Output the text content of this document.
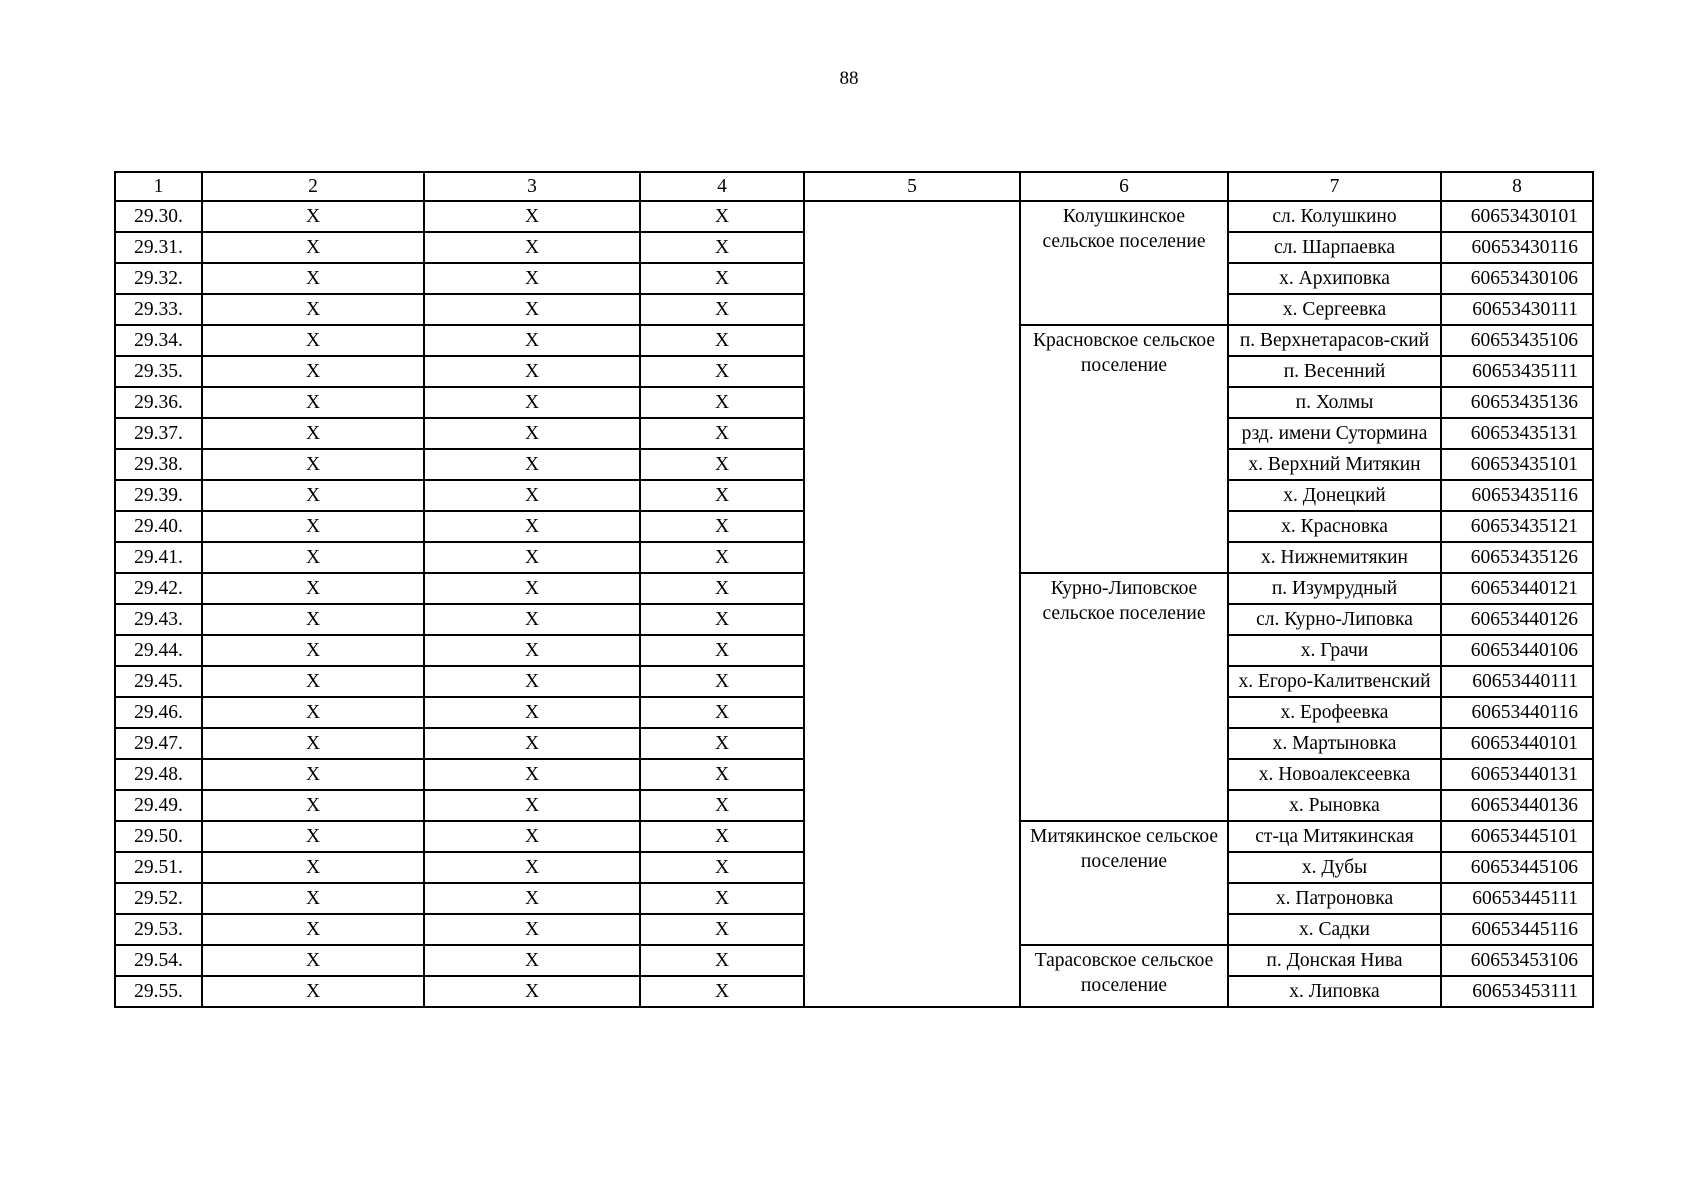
88
1	2	3	4	5	6	7	8
29.30.	Х	Х	Х		Колушкинское сельское поселение	сл. Колушкино	60653430101
29.31.	Х	Х	Х			сл. Шарпаевка	60653430116
29.32.	Х	Х	Х			х. Архиповка	60653430106
29.33.	Х	Х	Х			х. Сергеевка	60653430111
29.34.	Х	Х	Х		Красновское сельское поселение	п. Верхнетарасов-ский	60653435106
29.35.	Х	Х	Х			п. Весенний	60653435111
29.36.	Х	Х	Х			п. Холмы	60653435136
29.37.	Х	Х	Х			рзд. имени Сутормина	60653435131
29.38.	Х	Х	Х			х. Верхний Митякин	60653435101
29.39.	Х	Х	Х			х. Донецкий	60653435116
29.40.	Х	Х	Х			х. Красновка	60653435121
29.41.	Х	Х	Х			х. Нижнемитякин	60653435126
29.42.	Х	Х	Х		Курно-Липовское сельское поселение	п. Изумрудный	60653440121
29.43.	Х	Х	Х			сл. Курно-Липовка	60653440126
29.44.	Х	Х	Х			х. Грачи	60653440106
29.45.	Х	Х	Х			х. Егоро-Калитвенский	60653440111
29.46.	Х	Х	Х			х. Ерофеевка	60653440116
29.47.	Х	Х	Х			х. Мартыновка	60653440101
29.48.	Х	Х	Х			х. Новоалексеевка	60653440131
29.49.	Х	Х	Х			х. Рыновка	60653440136
29.50.	Х	Х	Х		Митякинское сельское поселение	ст-ца Митякинская	60653445101
29.51.	Х	Х	Х			х. Дубы	60653445106
29.52.	Х	Х	Х			х. Патроновка	60653445111
29.53.	Х	Х	Х			х. Садки	60653445116
29.54.	Х	Х	Х		Тарасовское сельское поселение	п. Донская Нива	60653453106
29.55.	Х	Х	Х			х. Липовка	60653453111
